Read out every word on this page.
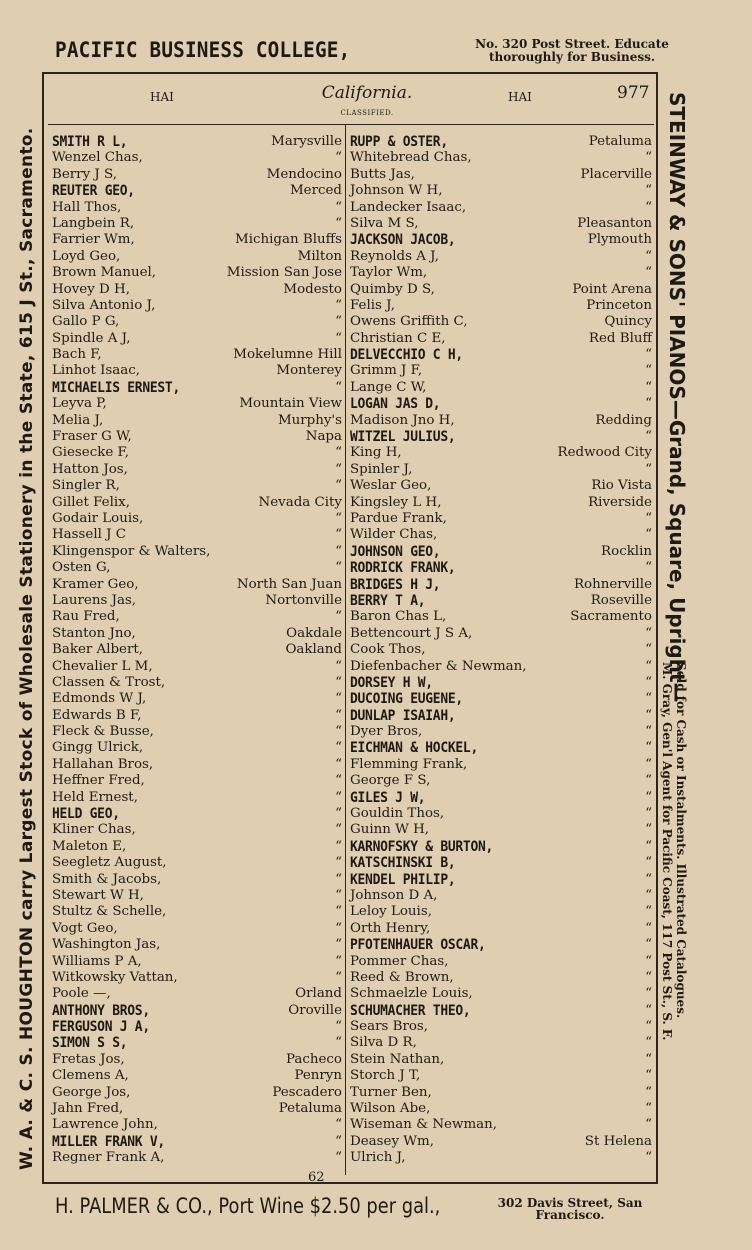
W. A. & C. S. HOUGHTON carry Largest Stock of Wholesale Stationery in the State, 615 J St., Sacramento.
PACIFIC BUSINESS COLLEGE,	No. 320 Post Street. Educate thoroughly for Business.
HAI	California.
CLASSIFIED.
HAI	977
SMITH R L,	Marysville
Wenzel Chas,	“
Berry J S,	Mendocino
REUTER GEO,	Merced
Hall Thos,	“
Langbein R,	“
Farrier Wm,	Michigan Bluffs
Loyd Geo,	Milton
Brown Manuel,	Mission San Jose
Hovey D H,	Modesto
Silva Antonio J,	“
Gallo P G,	“
Spindle A J,	“
Bach F,	Mokelumne Hill
Linhot Isaac,	Monterey
MICHAELIS ERNEST,	“
Leyva P,	Mountain View
Melia J,	Murphy's
Fraser G W,	Napa
Giesecke F,	“
Hatton Jos,	“
Singler R,	“
Gillet Felix,	Nevada City
Godair Louis,	“
Hassell J C	“
Klingenspor & Walters,	“
Osten G,	“
Kramer Geo,	North San Juan
Laurens Jas,	Nortonville
Rau Fred,	“
Stanton Jno,	Oakdale
Baker Albert,	Oakland
Chevalier L M,	“
Classen & Trost,	“
Edmonds W J,	“
Edwards B F,	“
Fleck & Busse,	“
Gingg Ulrick,	“
Hallahan Bros,	“
Heffner Fred,	“
Held Ernest,	“
HELD GEO,	“
Kliner Chas,	“
Maleton E,	“
Seegletz August,	“
Smith & Jacobs,	“
Stewart W H,	“
Stultz & Schelle,	“
Vogt Geo,	“
Washington Jas,	“
Williams P A,	“
Witkowsky Vattan,	“
Poole —,	Orland
ANTHONY BROS,	Oroville
FERGUSON J A,	“
SIMON S S,	“
Fretas Jos,	Pacheco
Clemens A,	Penryn
George Jos,	Pescadero
Jahn Fred,	Petaluma
Lawrence John,	“
MILLER FRANK V,	“
Regner Frank A,	“
RUPP & OSTER,	Petaluma
Whitebread Chas,	“
Butts Jas,	Placerville
Johnson W H,	“
Landecker Isaac,	“
Silva M S,	Pleasanton
JACKSON JACOB,	Plymouth
Reynolds A J,	“
Taylor Wm,	“
Quimby D S,	Point Arena
Felis J,	Princeton
Owens Griffith C,	Quincy
Christian C E,	Red Bluff
DELVECCHIO C H,	“
Grimm J F,	“
Lange C W,	“
LOGAN JAS D,	“
Madison Jno H,	Redding
WITZEL JULIUS,	“
King H,	Redwood City
Spinler J,	“
Weslar Geo,	Rio Vista
Kingsley L H,	Riverside
Pardue Frank,	“
Wilder Chas,	“
JOHNSON GEO,	Rocklin
RODRICK FRANK,	“
BRIDGES H J,	Rohnerville
BERRY T A,	Roseville
Baron Chas L,	Sacramento
Bettencourt J S A,	“
Cook Thos,	“
Diefenbacher & Newman,	“
DORSEY H W,	“
DUCOING EUGENE,	“
DUNLAP ISAIAH,	“
Dyer Bros,	“
EICHMAN & HOCKEL,	“
Flemming Frank,	“
George F S,	“
GILES J W,	“
Gouldin Thos,	“
Guinn W H,	“
KARNOFSKY & BURTON,	“
KATSCHINSKI B,	“
KENDEL PHILIP,	“
Johnson D A,	“
Leloy Louis,	“
Orth Henry,	“
PFOTENHAUER OSCAR,	“
Pommer Chas,	“
Reed & Brown,	“
Schmaelzle Louis,	“
SCHUMACHER THEO,	“
Sears Bros,	“
Silva D R,	“
Stein Nathan,	“
Storch J T,	“
Turner Ben,	“
Wilson Abe,	“
Wiseman & Newman,	“
Deasey Wm,	St Helena
Ulrich J,	“
62
H. PALMER & CO., Port Wine $2.50 per gal.,	302 Davis Street, San Francisco.
STEINWAY & SONS' PIANOS—Grand, Square, Upright—
Sold for Cash or Instalments. Illustrated Catalogues.
M. Gray, Gen'l Agent for Pacific Coast, 117 Post St., S. F.
